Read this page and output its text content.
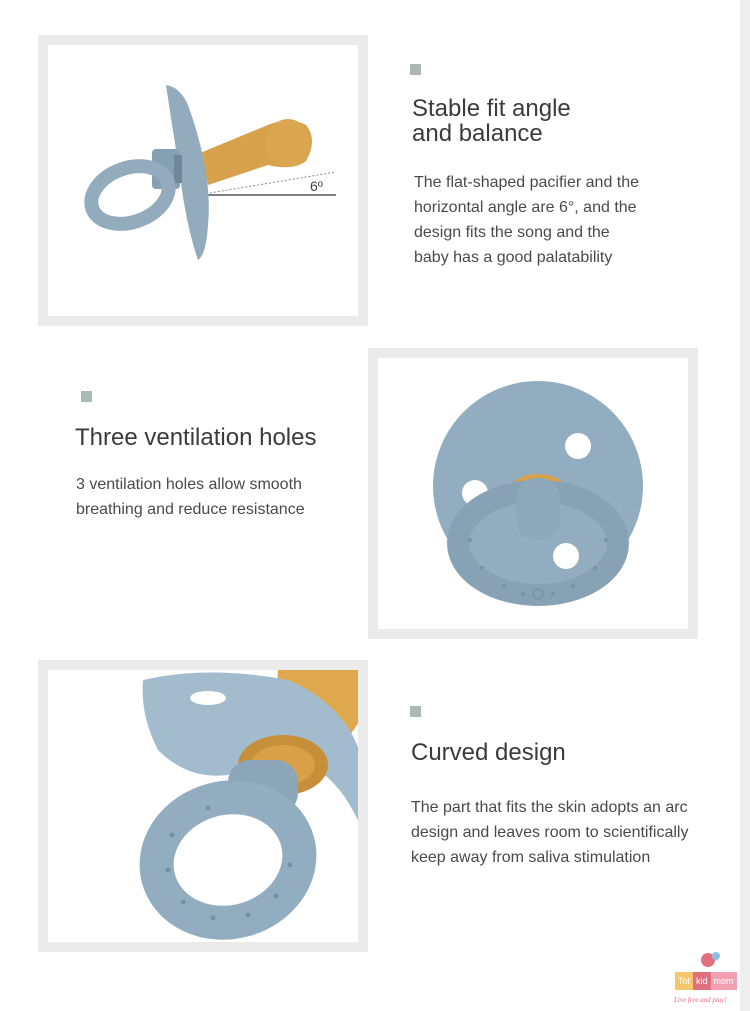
6º
Stable fit angle
and balance

The flat-shaped pacifier and the
horizontal angle are 6°, and the
design fits the song and the
baby has a good palatability

Three ventilation holes

3 ventilation holes allow smooth
breathing and reduce resistance

Curved design

The part that fits the skin adopts an arc
design and leaves room to scientifically
keep away from saliva stimulation

Tot kid mom
Live free and play!
